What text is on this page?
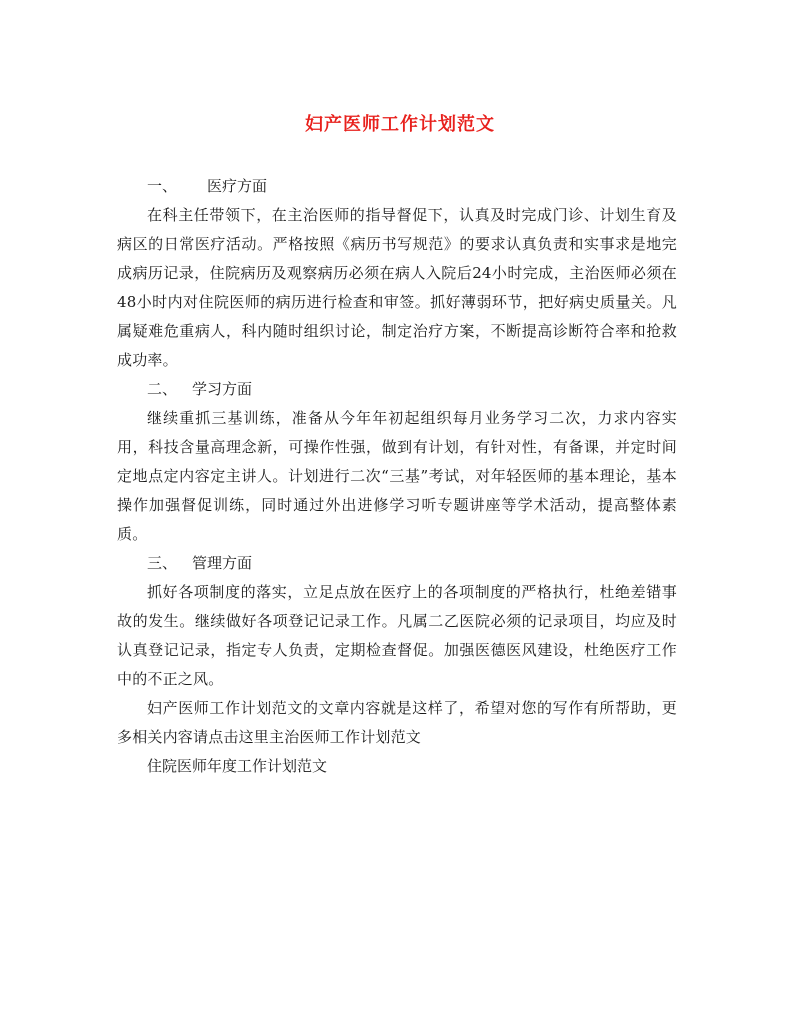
妇产医师工作计划范文
一、 医疗方面

在科主任带领下，在主治医师的指导督促下，认真及时完成门诊、计划生育及病区的日常医疗活动。严格按照《病历书写规范》的要求认真负责和实事求是地完成病历记录，住院病历及观察病历必须在病人入院后24小时完成，主治医师必须在48小时内对住院医师的病历进行检查和审签。抓好薄弱环节，把好病史质量关。凡属疑难危重病人，科内随时组织讨论，制定治疗方案，不断提高诊断符合率和抢救成功率。

二、 学习方面

继续重抓三基训练，准备从今年年初起组织每月业务学习二次，力求内容实用，科技含量高理念新，可操作性强，做到有计划，有针对性，有备课，并定时间定地点定内容定主讲人。计划进行二次“三基”考试，对年轻医师的基本理论，基本操作加强督促训练，同时通过外出进修学习听专题讲座等学术活动，提高整体素质。

三、 管理方面

抓好各项制度的落实，立足点放在医疗上的各项制度的严格执行，杜绝差错事故的发生。继续做好各项登记记录工作。凡属二乙医院必须的记录项目，均应及时认真登记记录，指定专人负责，定期检查督促。加强医德医风建设，杜绝医疗工作中的不正之风。

妇产医师工作计划范文的文章内容就是这样了，希望对您的写作有所帮助，更多相关内容请点击这里主治医师工作计划范文

住院医师年度工作计划范文
